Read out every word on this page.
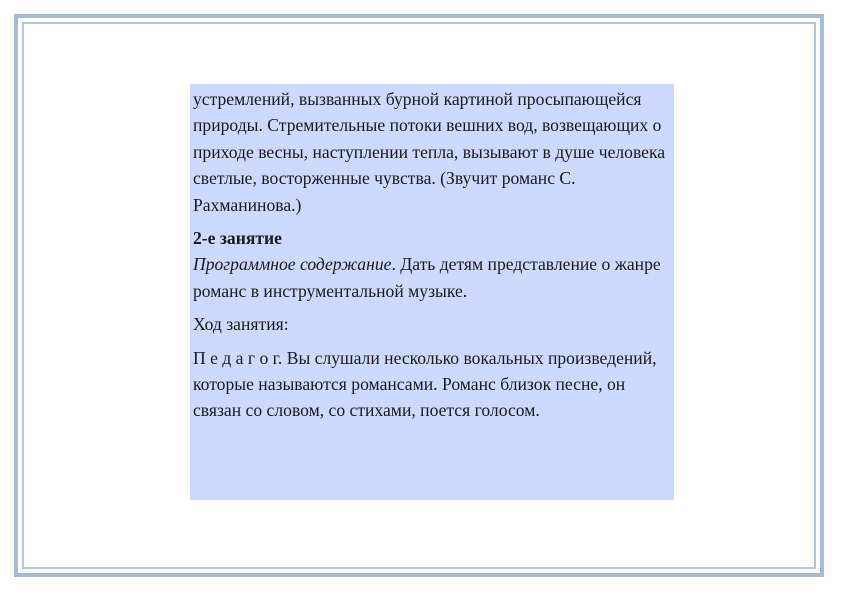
устремлений, вызванных бурной картиной просыпающейся природы. Стремительные потоки вешних вод, возвещающих о приходе весны, наступлении тепла, вызывают в душе человека светлые, восторженные чувства. (Звучит романс С. Рахманинова.)

2-е занятие

Программное содержание. Дать детям представление о жанре романс в инструментальной музыке.

Ход занятия:

П е д а г о г. Вы слушали несколько вокальных произведений, которые называются романсами. Романс близок песне, он связан со словом, со стихами, поется голосом.
